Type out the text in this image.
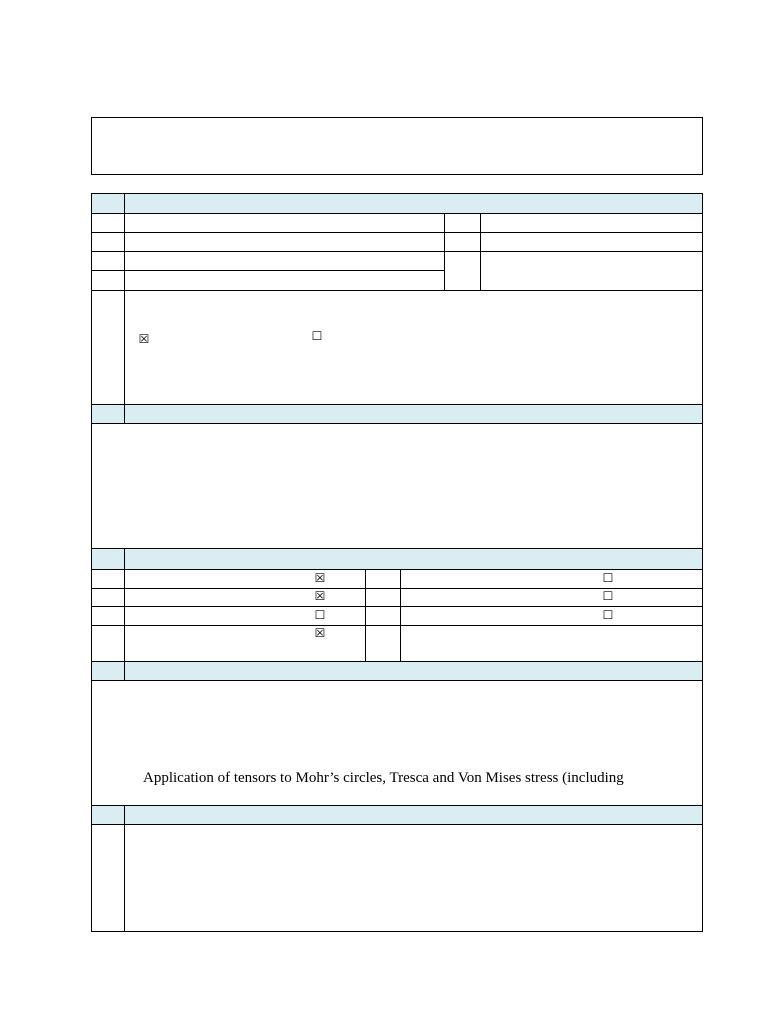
☒	☐
☒	☐
☒	☐
☐	☐
☒
Application of tensors to Mohr’s circles, Tresca and Von Mises stress (including
